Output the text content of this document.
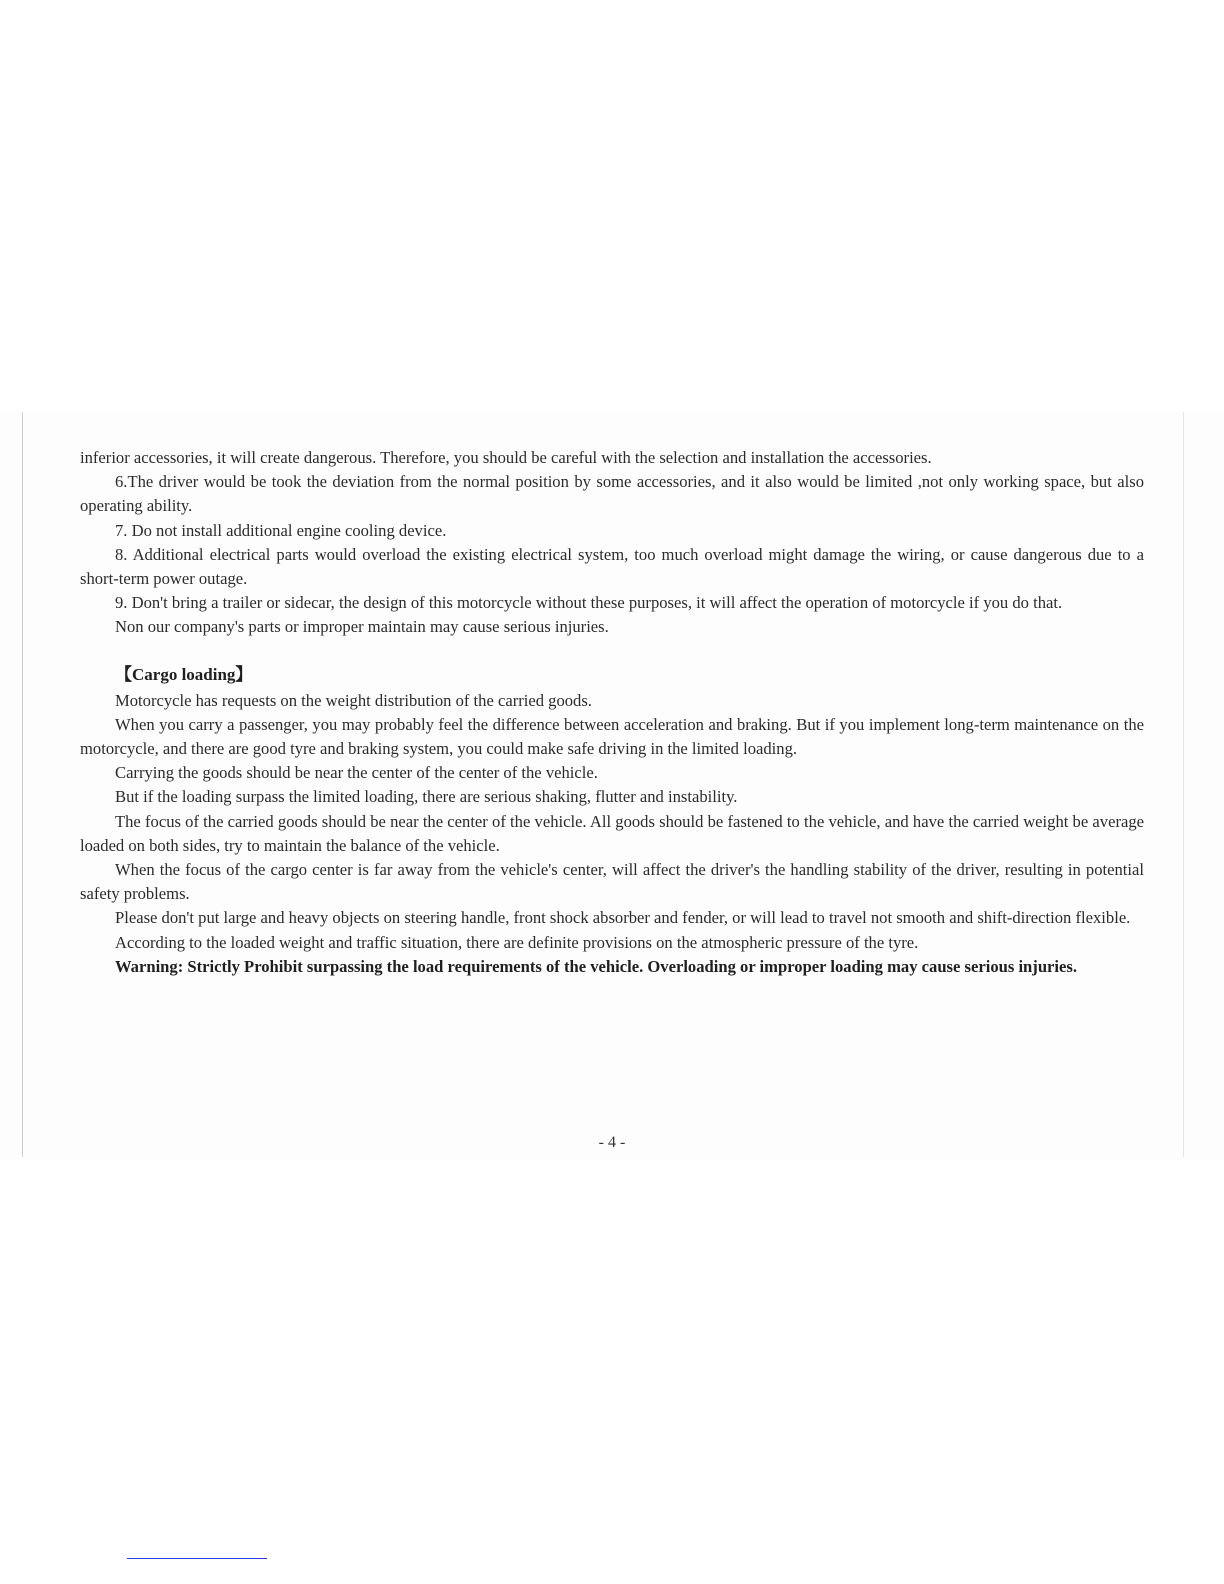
inferior accessories, it will create dangerous. Therefore, you should be careful with the selection and installation the accessories.

6.The driver would be took the deviation from the normal position by some accessories, and it also would be limited ,not only working space, but also operating ability.

7. Do not install additional engine cooling device.

8. Additional electrical parts would overload the existing electrical system, too much overload might damage the wiring, or cause dangerous due to a short-term power outage.

9. Don't bring a trailer or sidecar, the design of this motorcycle without these purposes, it will affect the operation of motorcycle if you do that.

Non our company's parts or improper maintain may cause serious injuries.

【Cargo loading】

Motorcycle has requests on the weight distribution of the carried goods.

When you carry a passenger, you may probably feel the difference between acceleration and braking. But if you implement long-term maintenance on the motorcycle, and there are good tyre and braking system, you could make safe driving in the limited loading.

Carrying the goods should be near the center of the center of the vehicle.

But if the loading surpass the limited loading, there are serious shaking, flutter and instability.

The focus of the carried goods should be near the center of the vehicle. All goods should be fastened to the vehicle, and have the carried weight be average loaded on both sides, try to maintain the balance of the vehicle.

When the focus of the cargo center is far away from the vehicle's center, will affect the driver's the handling stability of the driver, resulting in potential safety problems.

Please don't put large and heavy objects on steering handle, front shock absorber and fender, or will lead to travel not smooth and shift-direction flexible.

According to the loaded weight and traffic situation, there are definite provisions on the atmospheric pressure of the tyre.

Warning: Strictly Prohibit surpassing the load requirements of the vehicle. Overloading or improper loading may cause serious injuries.

- 4 -
